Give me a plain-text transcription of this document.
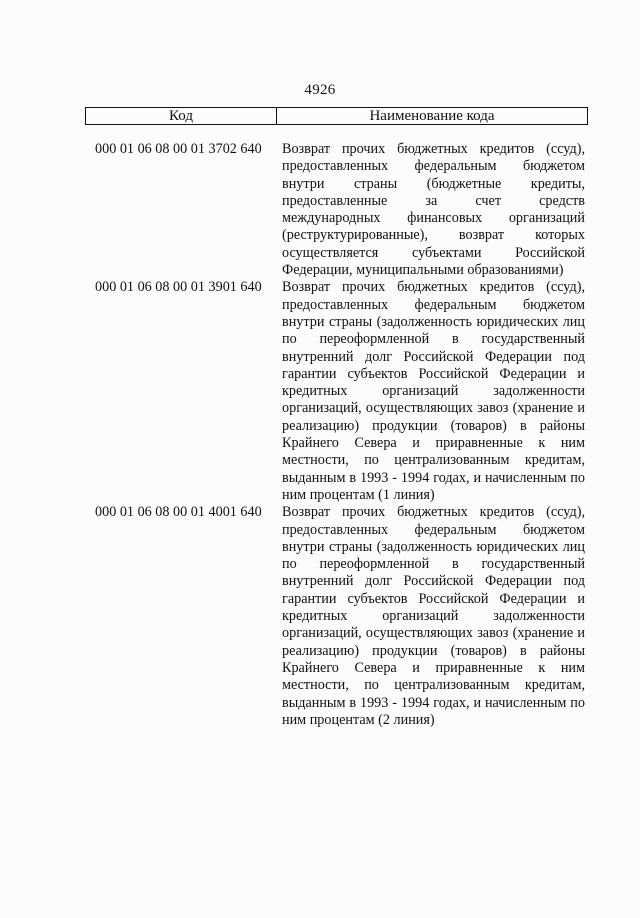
4926
Код	Наименование кода
000 01 06 08 00 01 3702 640	Возврат прочих бюджетных кредитов (ссуд),
предоставленных федеральным бюджетом
внутри страны (бюджетные кредиты,
предоставленные за счет средств
международных финансовых организаций
(реструктурированные), возврат которых
осуществляется субъектами Российской
Федерации, муниципальными образованиями)
000 01 06 08 00 01 3901 640	Возврат прочих бюджетных кредитов (ссуд),
предоставленных федеральным бюджетом
внутри страны (задолженность юридических лиц
по переоформленной в государственный
внутренний долг Российской Федерации под
гарантии субъектов Российской Федерации и
кредитных организаций задолженности
организаций, осуществляющих завоз (хранение и
реализацию) продукции (товаров) в районы
Крайнего Севера и приравненные к ним
местности, по централизованным кредитам,
выданным в 1993 - 1994 годах, и начисленным по
ним процентам (1 линия)
000 01 06 08 00 01 4001 640	Возврат прочих бюджетных кредитов (ссуд),
предоставленных федеральным бюджетом
внутри страны (задолженность юридических лиц
по переоформленной в государственный
внутренний долг Российской Федерации под
гарантии субъектов Российской Федерации и
кредитных организаций задолженности
организаций, осуществляющих завоз (хранение и
реализацию) продукции (товаров) в районы
Крайнего Севера и приравненные к ним
местности, по централизованным кредитам,
выданным в 1993 - 1994 годах, и начисленным по
ним процентам (2 линия)
